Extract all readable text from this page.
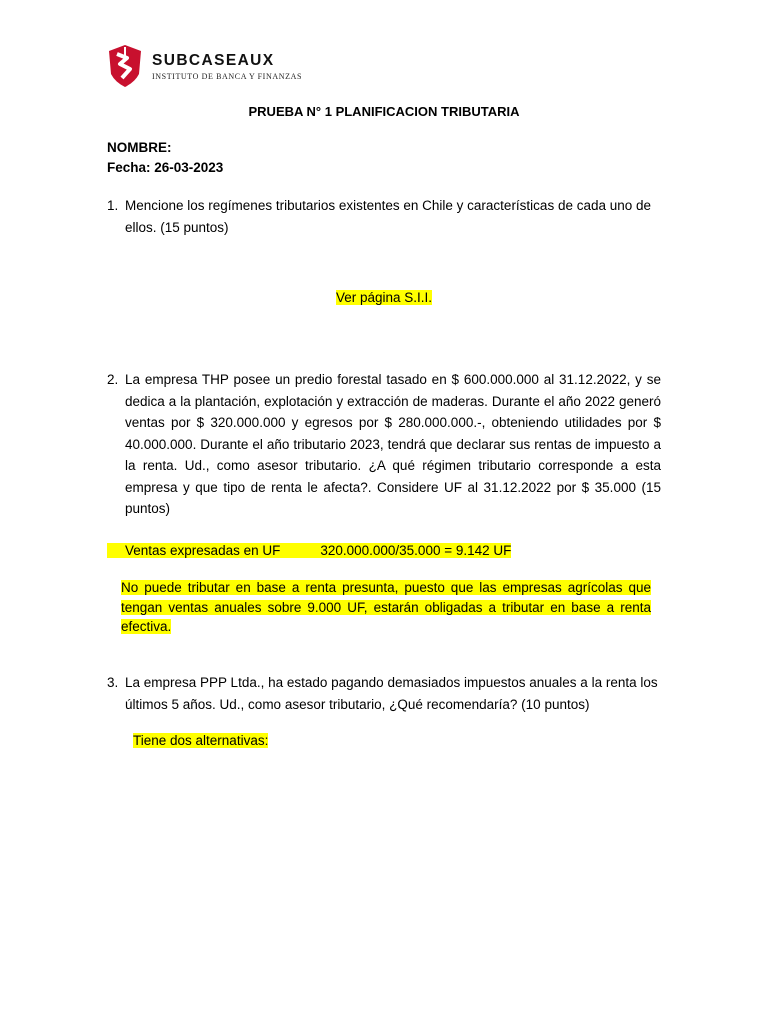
SUBCASEAUX
INSTITUTO DE BANCA Y FINANZAS
PRUEBA N° 1 PLANIFICACION TRIBUTARIA
NOMBRE:
Fecha: 26-03-2023
1. Mencione los regímenes tributarios existentes en Chile y características de cada uno de ellos. (15 puntos)
Ver página S.I.I.
2. La empresa THP posee un predio forestal tasado en $ 600.000.000 al 31.12.2022, y se dedica a la plantación, explotación y extracción de maderas. Durante el año 2022 generó ventas por $ 320.000.000 y egresos por $ 280.000.000.-, obteniendo utilidades por $ 40.000.000. Durante el año tributario 2023, tendrá que declarar sus rentas de impuesto a la renta. Ud., como asesor tributario. ¿A qué régimen tributario corresponde a esta empresa y que tipo de renta le afecta?. Considere UF al 31.12.2022 por $ 35.000 (15 puntos)
Ventas expresadas en UF	320.000.000/35.000 = 9.142 UF
No puede tributar en base a renta presunta, puesto que las empresas agrícolas que tengan ventas anuales sobre 9.000 UF, estarán obligadas a tributar en base a renta efectiva.
3. La empresa PPP Ltda., ha estado pagando demasiados impuestos anuales a la renta los últimos 5 años. Ud., como asesor tributario, ¿Qué recomendaría? (10 puntos)
Tiene dos alternativas:
